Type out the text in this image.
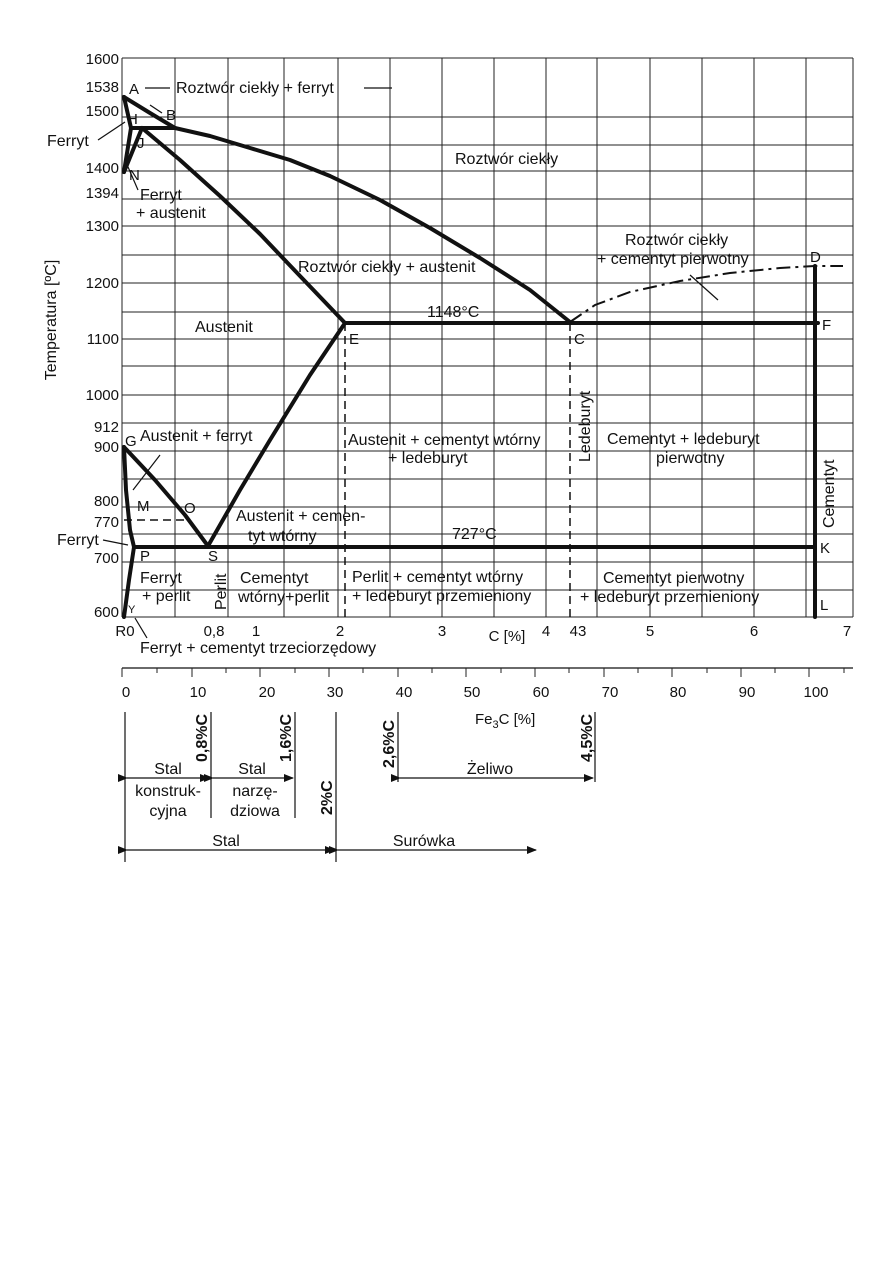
1600
1538
1500
1400
1394
1300
1200
1100
1000
912
900
800
770
700
600
Temperatura [ºC]
R0	0,8 1	2	3	4 43	5	6	7
C [%]
A
B
H
J
N
G
M O
P	S
E	C
D
F
K
L
Y
Roztwór ciekły + ferryt
Ferryt
Roztwór ciekły
Ferryt
+ austenit
Roztwór ciekły + austenit
Roztwór ciekły
+ cementyt pierwotny
1148°C
Austenit
Ledeburyt
Austenit + ferryt	Austenit + cementyt wtórny
+ ledeburyt
Cementyt + ledeburyt
pierwotny
Cementyt
Austenit + cemen-
tyt wtórny	727°C
Ferryt
Ferryt
+ perlit Perlit Cementyt
wtórny+perlit
Perlit + cementyt wtórny
+ ledeburyt przemieniony
Cementyt pierwotny
+ ledeburyt przemieniony
Ferryt + cementyt trzeciorzędowy
0	10	20	30	40	50	60	70	80	90	100
$Fe_3C$ [%]
0,8%C	1,6%C
2%C
2,6%C	4,5%C
Stal
konstruk-
cyjna
Stal
narzę-
dziowa
Żeliwo
Stal	Surówka
